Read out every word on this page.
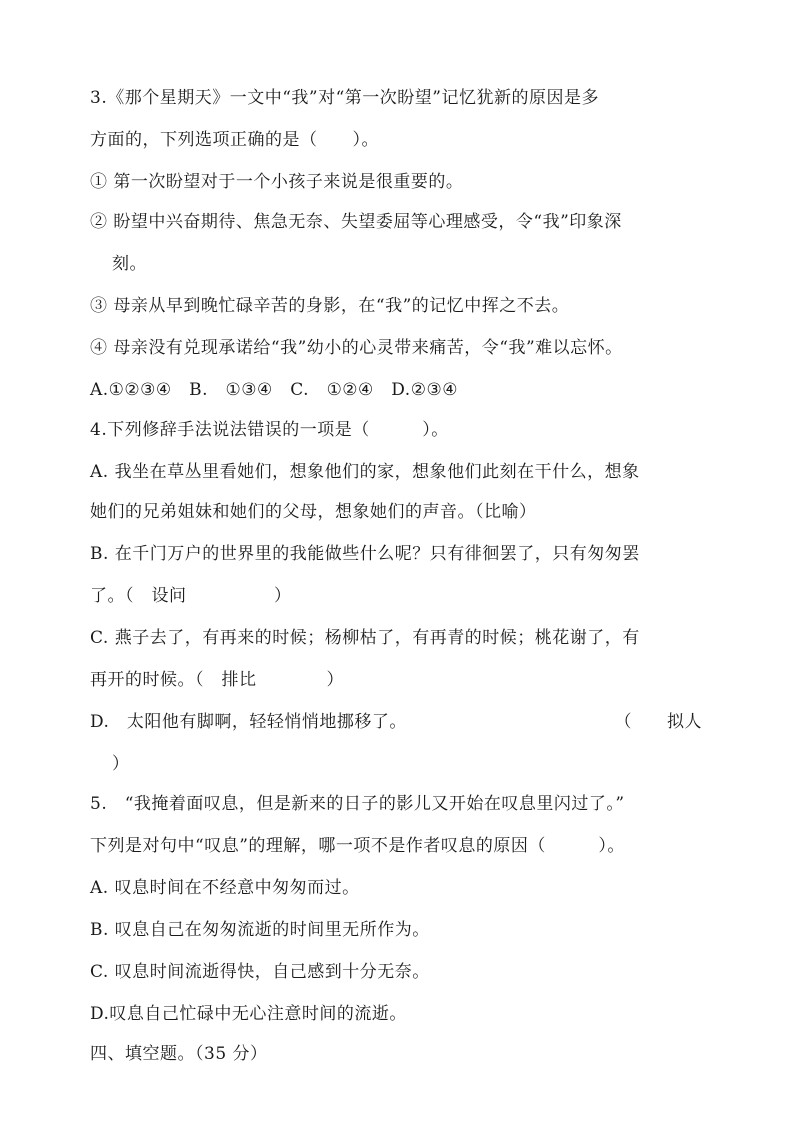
3.《那个星期天》一文中“我”对“第一次盼望”记忆犹新的原因是多
方面的，下列选项正确的是（　　）。
① 第一次盼望对于一个小孩子来说是很重要的。
② 盼望中兴奋期待、焦急无奈、失望委屈等心理感受，令“我”印象深
刻。
③ 母亲从早到晚忙碌辛苦的身影，在“我”的记忆中挥之不去。
④ 母亲没有兑现承诺给“我”幼小的心灵带来痛苦，令“我”难以忘怀。
A.①②③④　B.　①③④　C.　①②④　D.②③④
4.下列修辞手法说法错误的一项是（　　　）。
A. 我坐在草丛里看她们，想象他们的家，想象他们此刻在干什么，想象
她们的兄弟姐妹和她们的父母，想象她们的声音。（比喻）
B. 在千门万户的世界里的我能做些什么呢？只有徘徊罢了，只有匆匆罢
了。（　设问　　　　　）
C. 燕子去了，有再来的时候；杨柳枯了，有再青的时候；桃花谢了，有
再开的时候。（　排比　　　　）
D.　太阳他有脚啊，轻轻悄悄地挪移了。	（　　拟人
）
5.　“我掩着面叹息，但是新来的日子的影儿又开始在叹息里闪过了。”
下列是对句中“叹息”的理解，哪一项不是作者叹息的原因（　　　）。
A. 叹息时间在不经意中匆匆而过。
B. 叹息自己在匆匆流逝的时间里无所作为。
C. 叹息时间流逝得快，自己感到十分无奈。
D.叹息自己忙碌中无心注意时间的流逝。
四、填空题。（35 分）
